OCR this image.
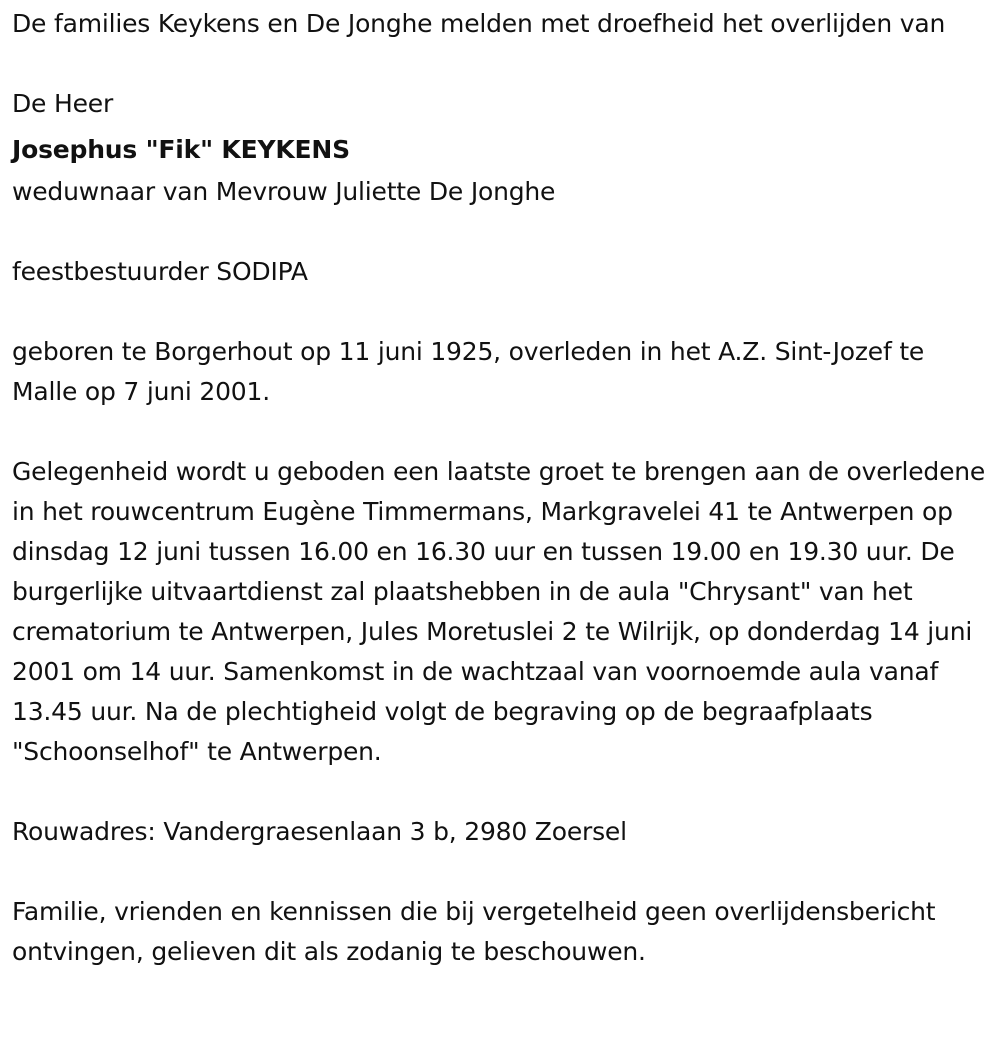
De families Keykens en De Jonghe melden met droefheid het overlijden van

De Heer

Josephus "Fik" KEYKENS

weduwnaar van Mevrouw Juliette De Jonghe

feestbestuurder SODIPA

geboren te Borgerhout op 11 juni 1925, overleden in het A.Z. Sint-Jozef te Malle op 7 juni 2001.

Gelegenheid wordt u geboden een laatste groet te brengen aan de overledene in het rouwcentrum Eugène Timmermans, Markgravelei 41 te Antwerpen op dinsdag 12 juni tussen 16.00 en 16.30 uur en tussen 19.00 en 19.30 uur. De burgerlijke uitvaartdienst zal plaatshebben in de aula "Chrysant" van het crematorium te Antwerpen, Jules Moretuslei 2 te Wilrijk, op donderdag 14 juni 2001 om 14 uur. Samenkomst in de wachtzaal van voornoemde aula vanaf 13.45 uur. Na de plechtigheid volgt de begraving op de begraafplaats "Schoonselhof" te Antwerpen.

Rouwadres: Vandergraesenlaan 3 b, 2980 Zoersel

Familie, vrienden en kennissen die bij vergetelheid geen overlijdensbericht ontvingen, gelieven dit als zodanig te beschouwen.
